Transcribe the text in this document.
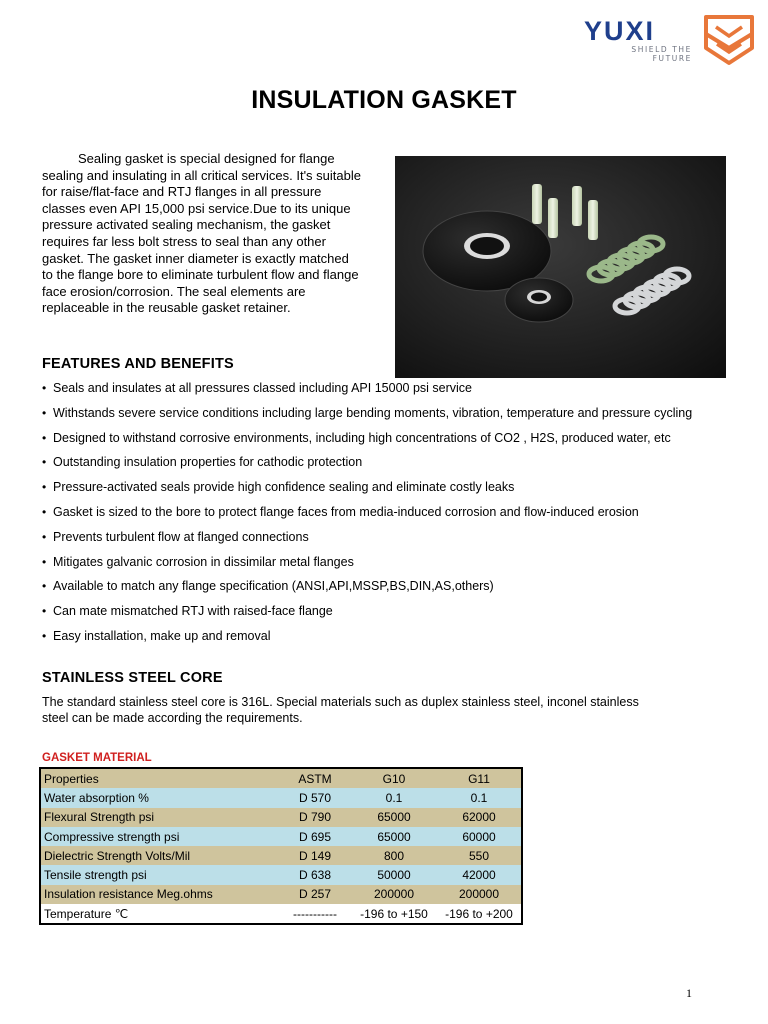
YUXI
SHIELD THE
FUTURE
INSULATION GASKET

Sealing gasket is special designed for flange sealing and insulating in all critical services. It's suitable for raise/flat-face and RTJ flanges in all pressure classes even API 15,000 psi service.Due to its unique pressure activated sealing mechanism, the gasket requires far less bolt stress to seal than any other gasket. The gasket inner diameter is exactly matched to the flange bore to eliminate turbulent flow and flange face erosion/corrosion. The seal elements are replaceable in the reusable gasket retainer.

FEATURES AND BENEFITS
• Seals and insulates at all pressures classed including API 15000 psi service
• Withstands severe service conditions including large bending moments, vibration, temperature and pressure cycling
• Designed to withstand corrosive environments, including high concentrations of CO2 , H2S, produced water, etc
• Outstanding insulation properties for cathodic protection
• Pressure-activated seals provide high confidence sealing and eliminate costly leaks
• Gasket is sized to the bore to protect flange faces from media-induced corrosion and flow-induced erosion
• Prevents turbulent flow at flanged connections
• Mitigates galvanic corrosion in dissimilar metal flanges
• Available to match any flange specification (ANSI,API,MSSP,BS,DIN,AS,others)
• Can mate mismatched RTJ with raised-face flange
• Easy installation, make up and removal
STAINLESS STEEL CORE

The standard stainless steel core is 316L. Special materials such as duplex stainless steel, inconel stainless
steel can be made according the requirements.

GASKET MATERIAL
Properties	ASTM	G10	G11
Water absorption %	D 570	0.1	0.1
Flexural Strength psi	D 790	65000	62000
Compressive strength psi	D 695	65000	60000
Dielectric Strength Volts/Mil	D 149	800	550
Tensile strength psi	D 638	50000	42000
Insulation resistance Meg.ohms	D 257	200000	200000
Temperature ℃	-----------	-196 to +150	-196 to +200
1
